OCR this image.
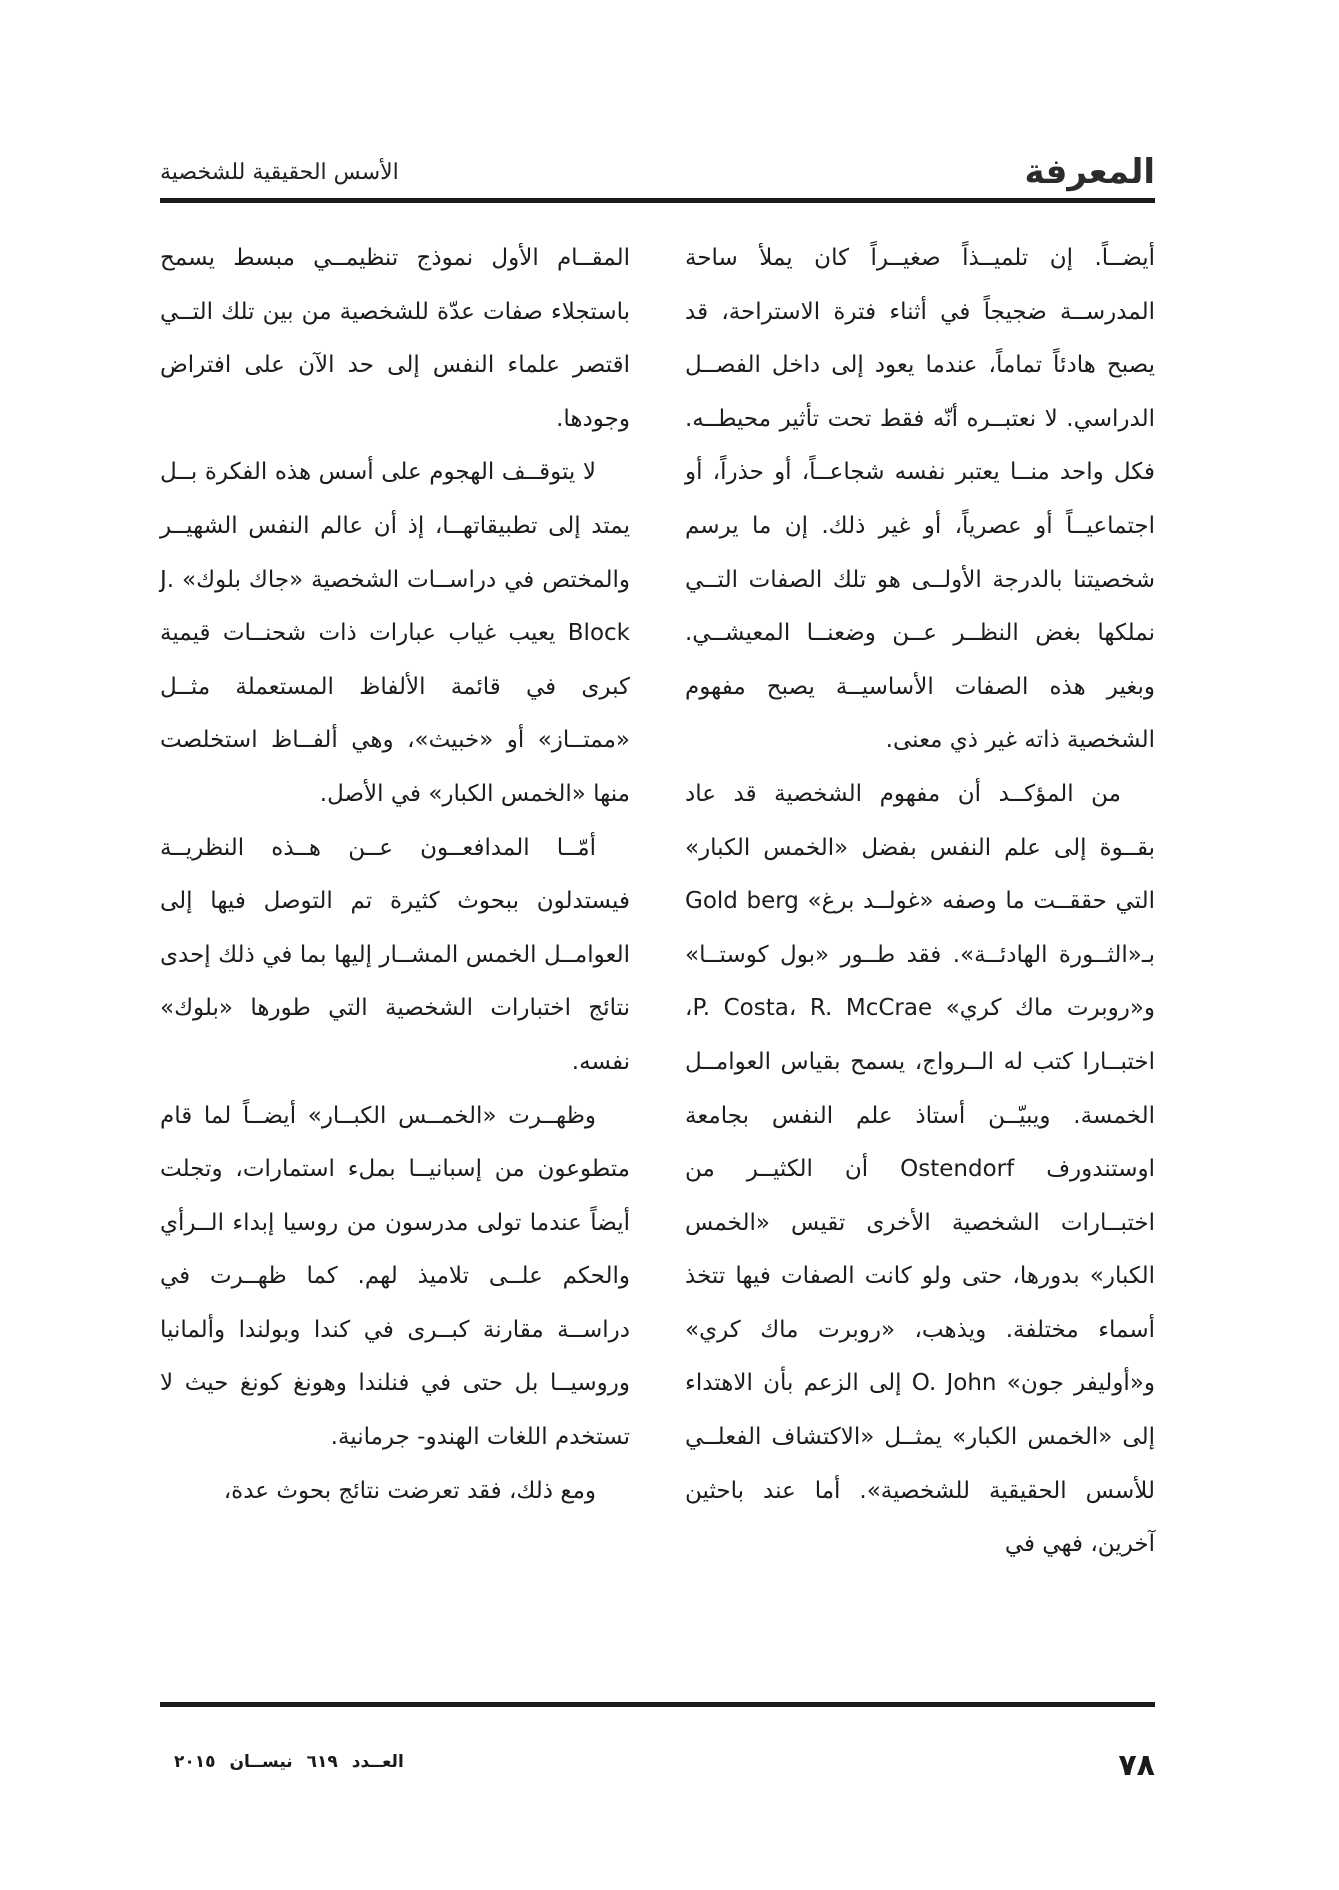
المعرفة
الأسس الحقيقية للشخصية

أيضــاً. إن تلميــذاً صغيــراً كان يملأ ساحة المدرســة ضجيجاً في أثناء فترة الاستراحة، قد يصبح هادئاً تماماً، عندما يعود إلى داخل الفصــل الدراسي. لا نعتبــره أنّه فقط تحت تأثير محيطــه. فكل واحد منــا يعتبر نفسه شجاعــاً، أو حذراً، أو اجتماعيــاً أو عصرياً، أو غير ذلك. إن ما يرسم شخصيتنا بالدرجة الأولــى هو تلك الصفات التــي نملكها بغض النظــر عــن وضعنــا المعيشــي. وبغير هذه الصفات الأساسيــة يصبح مفهوم الشخصية ذاته غير ذي معنى.

من المؤكــد أن مفهوم الشخصية قد عاد بقــوة إلى علم النفس بفضل «الخمس الكبار» التي حققــت ما وصفه «غولــد برغ» Gold berg بـ«الثــورة الهادئــة». فقد طــور «بول كوستــا» و«روبرت ماك كري» P. Costa، R. McCrae، اختبــارا كتب له الــرواج، يسمح بقياس العوامــل الخمسة. ويبيّــن أستاذ علم النفس بجامعة اوستندورف Ostendorf أن الكثيــر من اختبــارات الشخصية الأخرى تقيس «الخمس الكبار» بدورها، حتى ولو كانت الصفات فيها تتخذ أسماء مختلفة. ويذهب، «روبرت ماك كري» و«أوليفر جون» O. John إلى الزعم بأن الاهتداء إلى «الخمس الكبار» يمثــل «الاكتشاف الفعلــي للأسس الحقيقية للشخصية». أما عند باحثين آخرين، فهي في

المقــام الأول نموذج تنظيمــي مبسط يسمح باستجلاء صفات عدّة للشخصية من بين تلك التــي اقتصر علماء النفس إلى حد الآن على افتراض وجودها.

لا يتوقــف الهجوم على أسس هذه الفكرة بــل يمتد إلى تطبيقاتهــا، إذ أن عالم النفس الشهيــر والمختص في دراســات الشخصية «جاك بلوك» J. Block يعيب غياب عبارات ذات شحنــات قيمية كبرى في قائمة الألفاظ المستعملة مثــل «ممتــاز» أو «خبيث»، وهي ألفــاظ استخلصت منها «الخمس الكبار» في الأصل.

أمّــا المدافعــون عــن هــذه النظريــة فيستدلون ببحوث كثيرة تم التوصل فيها إلى العوامــل الخمس المشــار إليها بما في ذلك إحدى نتائج اختبارات الشخصية التي طورها «بلوك» نفسه.

وظهــرت «الخمــس الكبــار» أيضــاً لما قام متطوعون من إسبانيــا بملء استمارات، وتجلت أيضاً عندما تولى مدرسون من روسيا إبداء الــرأي والحكم علــى تلاميذ لهم. كما ظهــرت في دراســة مقارنة كبــرى في كندا وبولندا وألمانيا وروسيــا بل حتى في فنلندا وهونغ كونغ حيث لا تستخدم اللغات الهندو- جرمانية.

ومع ذلك، فقد تعرضت نتائج بحوث عدة،

٧٨
العــدد٦١٩نيســان٢٠١٥
